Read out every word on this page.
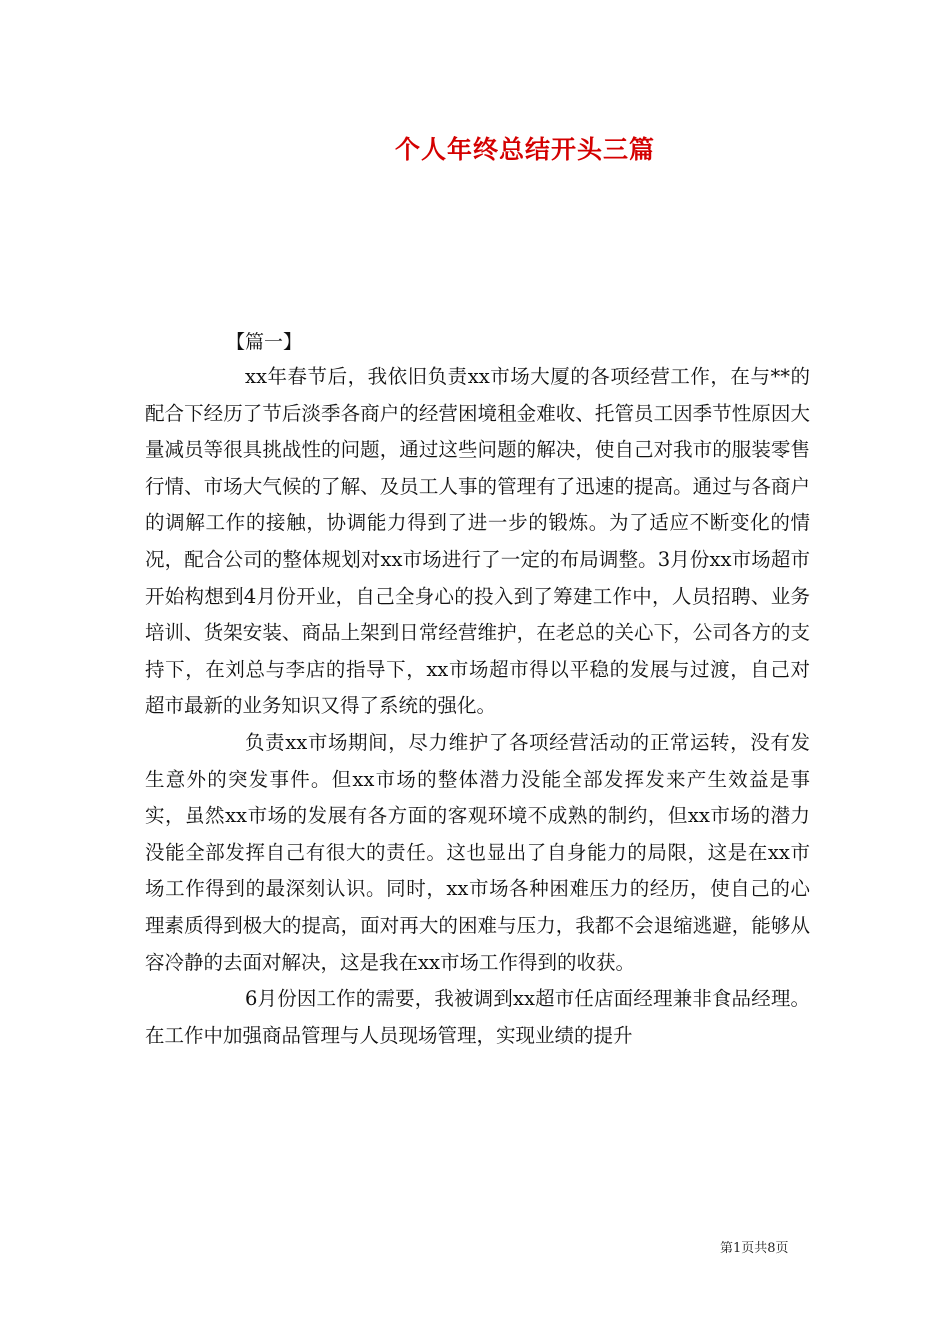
个人年终总结开头三篇
【篇一】

xx年春节后，我依旧负责xx市场大厦的各项经营工作，在与**的配合下经历了节后淡季各商户的经营困境租金难收、托管员工因季节性原因大量减员等很具挑战性的问题，通过这些问题的解决，使自己对我市的服装零售行情、市场大气候的了解、及员工人事的管理有了迅速的提高。通过与各商户的调解工作的接触，协调能力得到了进一步的锻炼。为了适应不断变化的情况，配合公司的整体规划对xx市场进行了一定的布局调整。3月份xx市场超市开始构想到4月份开业，自己全身心的投入到了筹建工作中，人员招聘、业务培训、货架安装、商品上架到日常经营维护，在老总的关心下，公司各方的支持下，在刘总与李店的指导下，xx市场超市得以平稳的发展与过渡，自己对超市最新的业务知识又得了系统的强化。

负责xx市场期间，尽力维护了各项经营活动的正常运转，没有发生意外的突发事件。但xx市场的整体潜力没能全部发挥发来产生效益是事实，虽然xx市场的发展有各方面的客观环境不成熟的制约，但xx市场的潜力没能全部发挥自己有很大的责任。这也显出了自身能力的局限，这是在xx市场工作得到的最深刻认识。同时，xx市场各种困难压力的经历，使自己的心理素质得到极大的提高，面对再大的困难与压力，我都不会退缩逃避，能够从容冷静的去面对解决，这是我在xx市场工作得到的收获。

6月份因工作的需要，我被调到xx超市任店面经理兼非食品经理。在工作中加强商品管理与人员现场管理，实现业绩的提升

第1页共8页
